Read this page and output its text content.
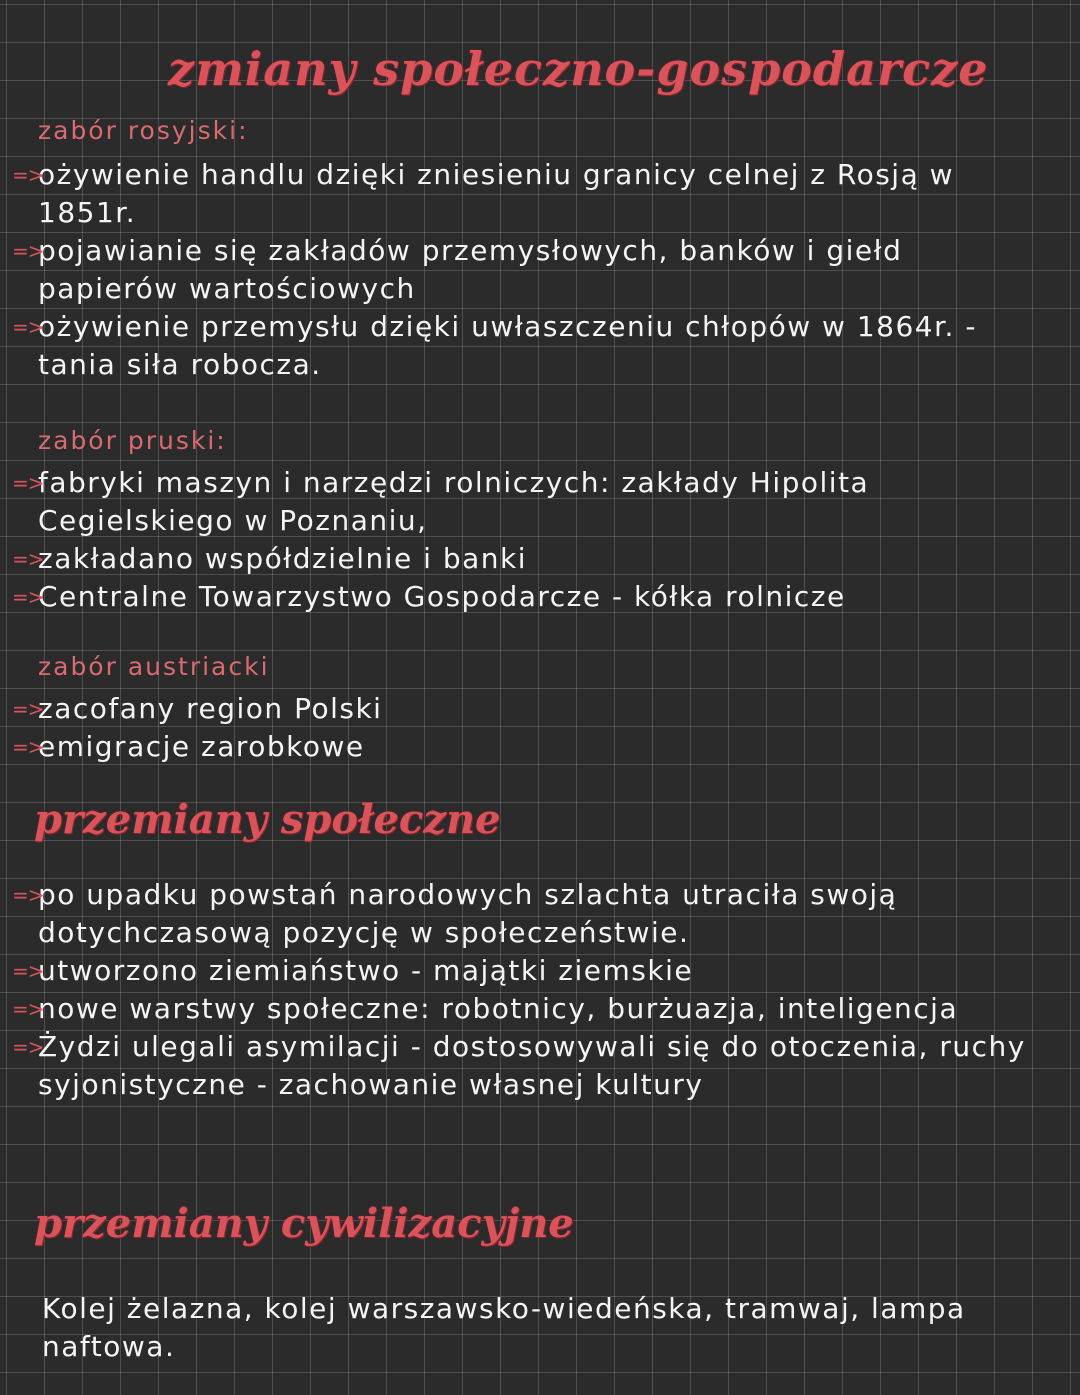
zmiany społeczno-gospodarcze
zabór rosyjski:

=>
ożywienie handlu dzięki zniesieniu granicy celnej z Rosją w 1851r.

=>
pojawianie się zakładów przemysłowych, banków i giełd papierów wartościowych

=>
ożywienie przemysłu dzięki uwłaszczeniu chłopów w 1864r. - tania siła robocza.

zabór pruski:

=>
fabryki maszyn i narzędzi rolniczych: zakłady Hipolita Cegielskiego w Poznaniu,

=>
zakładano współdzielnie i banki

=>
Centralne Towarzystwo Gospodarcze - kółka rolnicze

zabór austriacki

=>
zacofany region Polski

=>
emigracje zarobkowe

przemiany społeczne

=>
po upadku powstań narodowych szlachta utraciła swoją dotychczasową pozycję w społeczeństwie.

=>
utworzono ziemiaństwo - majątki ziemskie

=>
nowe warstwy społeczne: robotnicy, burżuazja, inteligencja

=>
Żydzi ulegali asymilacji - dostosowywali się do otoczenia, ruchy syjonistyczne - zachowanie własnej kultury

przemiany cywilizacyjne
Kolej żelazna, kolej warszawsko-wiedeńska, tramwaj, lampa naftowa.
